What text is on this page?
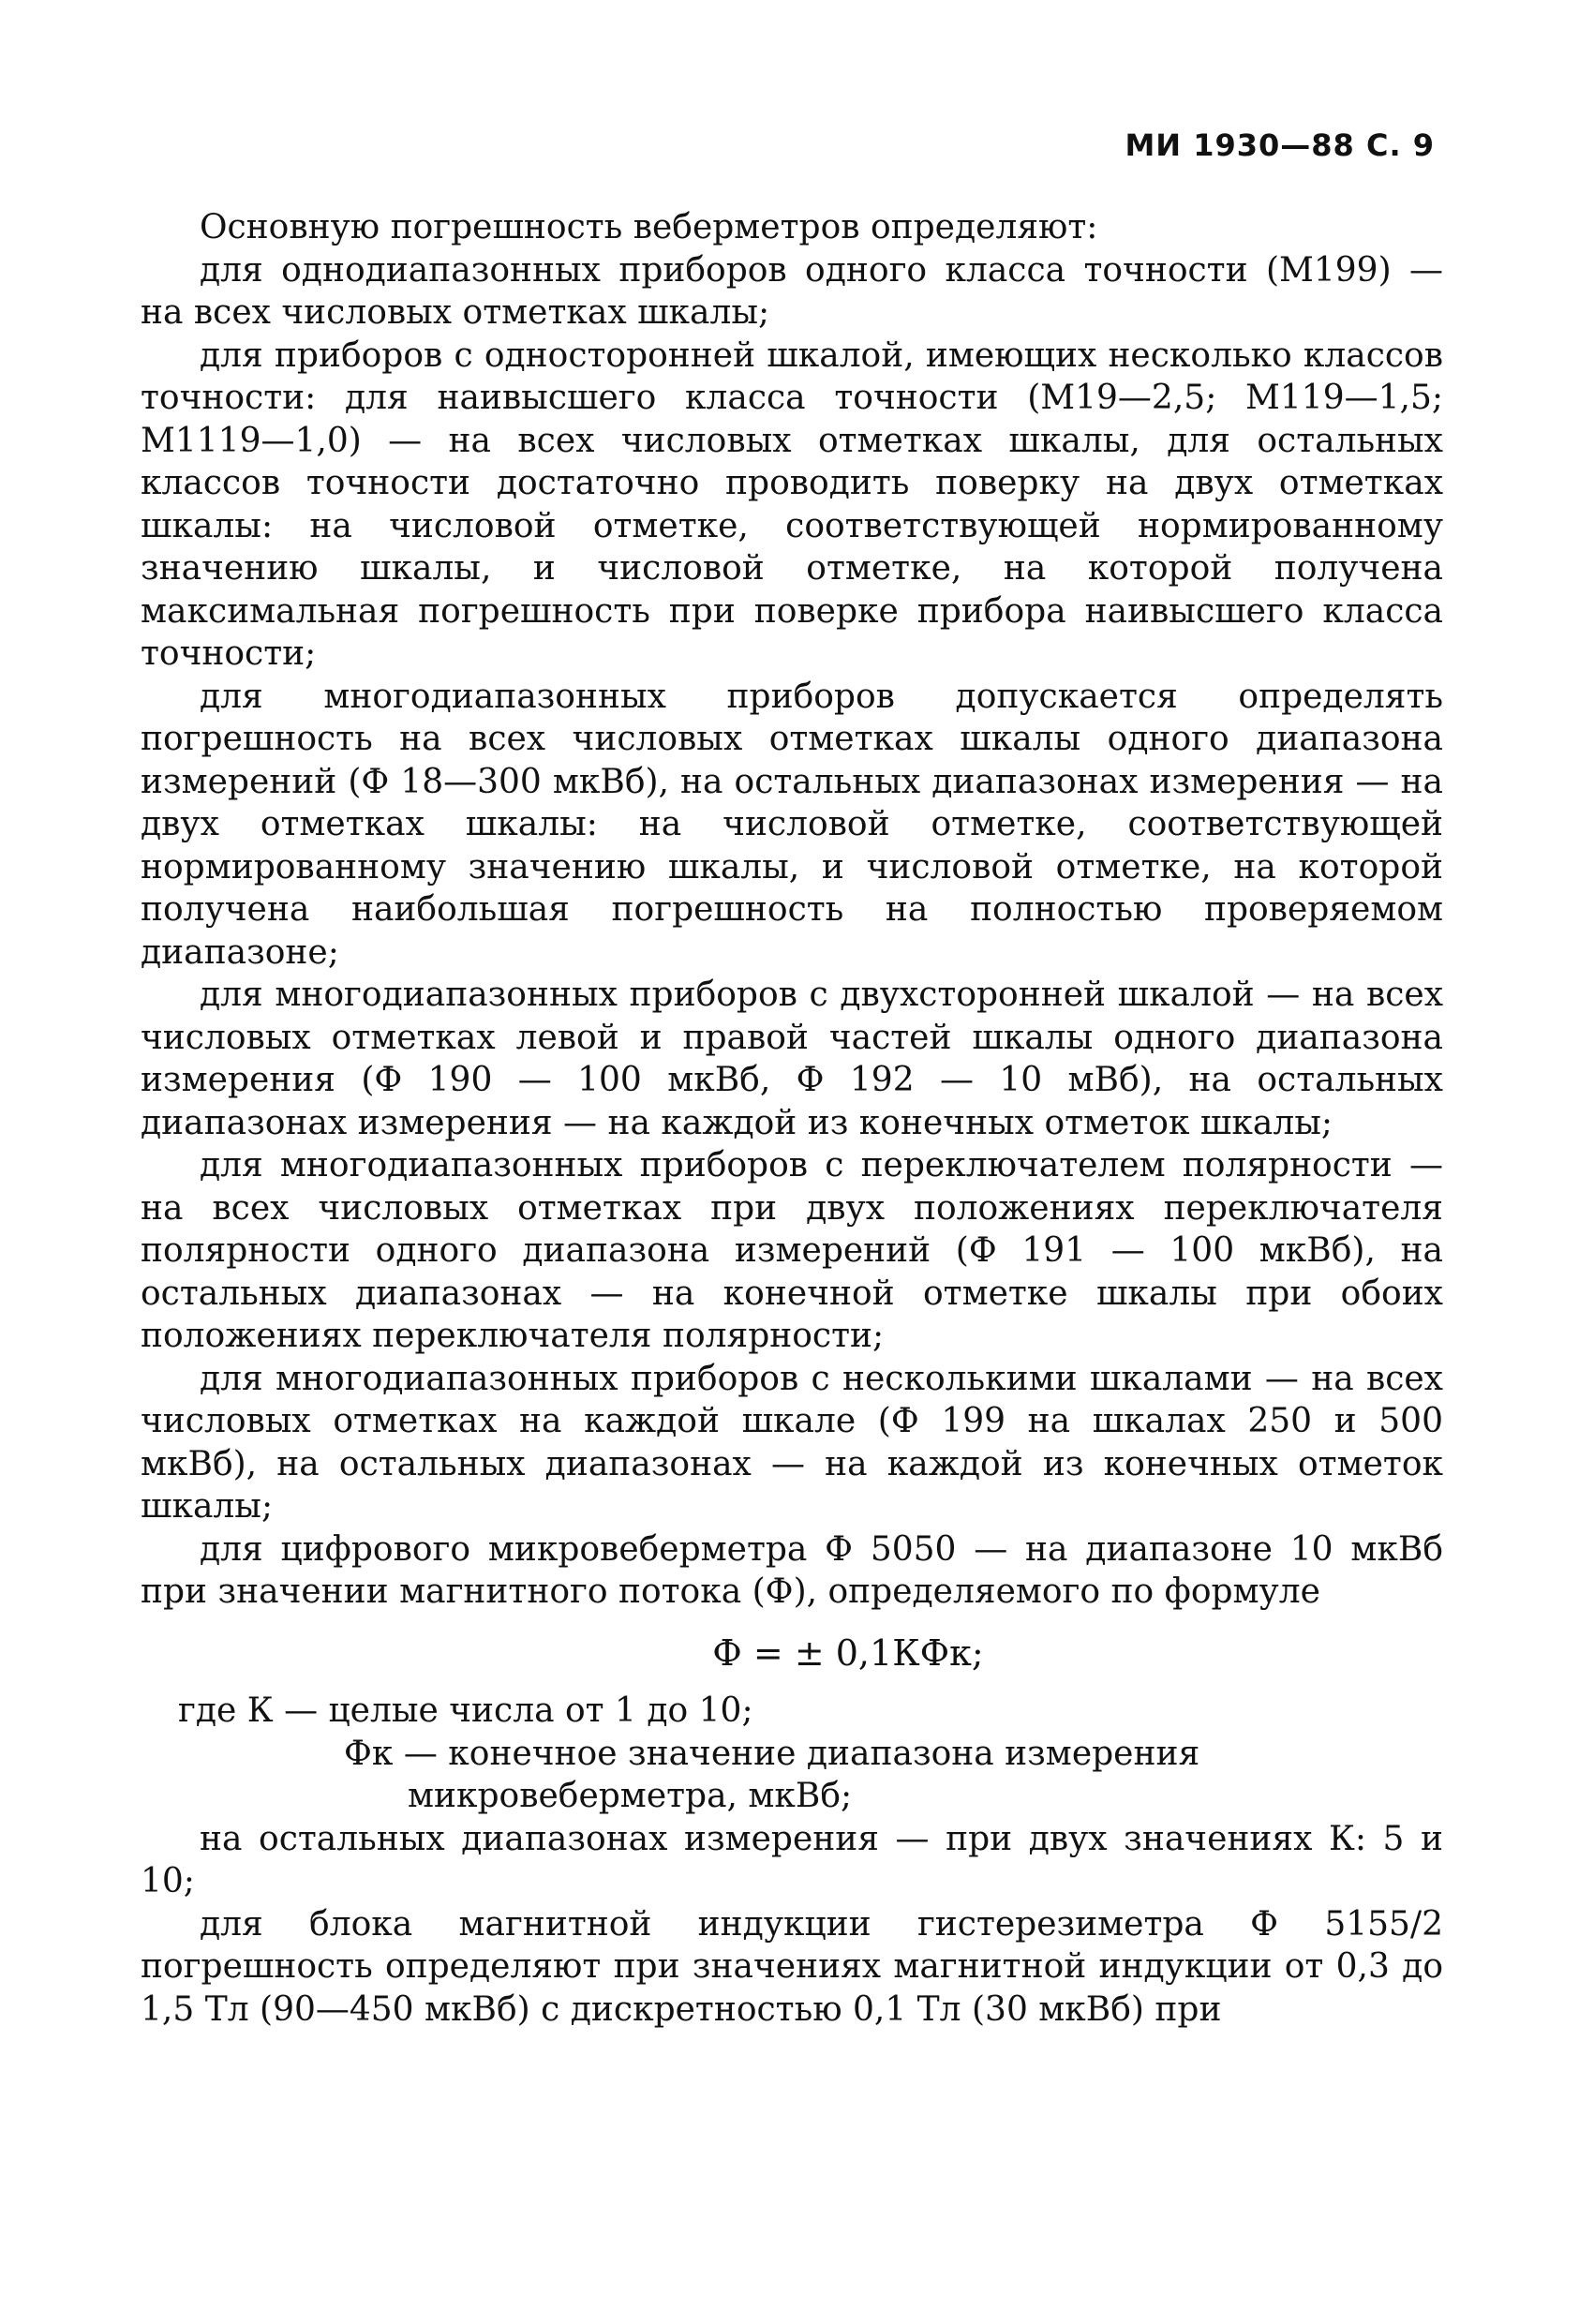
МИ 1930—88 С. 9

Основную погрешность веберметров определяют:

для однодиапазонных приборов одного класса точности (М199) — на всех числовых отметках шкалы;

для приборов с односторонней шкалой, имеющих несколько классов точности: для наивысшего класса точности (М19—2,5; М119—1,5; М1119—1,0) — на всех числовых отметках шкалы, для остальных классов точности достаточно проводить поверку на двух отметках шкалы: на числовой отметке, соответствующей нормированному значению шкалы, и числовой отметке, на которой получена максимальная погрешность при поверке прибора наивысшего класса точности;

для многодиапазонных приборов допускается определять погрешность на всех числовых отметках шкалы одного диапазона измерений (Ф 18—300 мкВб), на остальных диапазонах измерения — на двух отметках шкалы: на числовой отметке, соответствующей нормированному значению шкалы, и числовой отметке, на которой получена наибольшая погрешность на полностью проверяемом диапазоне;

для многодиапазонных приборов с двухсторонней шкалой — на всех числовых отметках левой и правой частей шкалы одного диапазона измерения (Ф 190 — 100 мкВб, Ф 192 — 10 мВб), на остальных диапазонах измерения — на каждой из конечных отметок шкалы;

для многодиапазонных приборов с переключателем полярности — на всех числовых отметках при двух положениях переключателя полярности одного диапазона измерений (Ф 191 — 100 мкВб), на остальных диапазонах — на конечной отметке шкалы при обоих положениях переключателя полярности;

для многодиапазонных приборов с несколькими шкалами — на всех числовых отметках на каждой шкале (Ф 199 на шкалах 250 и 500 мкВб), на остальных диапазонах — на каждой из конечных отметок шкалы;

для цифрового микровеберметра Ф 5050 — на диапазоне 10 мкВб при значении магнитного потока (Ф), определяемого по формуле

Ф = ± 0,1КФк;

где К — целые числа от 1 до 10;

Фк — конечное значение диапазона измерения микровеберметра, мкВб;

на остальных диапазонах измерения — при двух значениях К: 5 и 10;

для блока магнитной индукции гистерезиметра Ф 5155/2 погрешность определяют при значениях магнитной индукции от 0,3 до 1,5 Тл (90—450 мкВб) с дискретностью 0,1 Тл (30 мкВб) при
